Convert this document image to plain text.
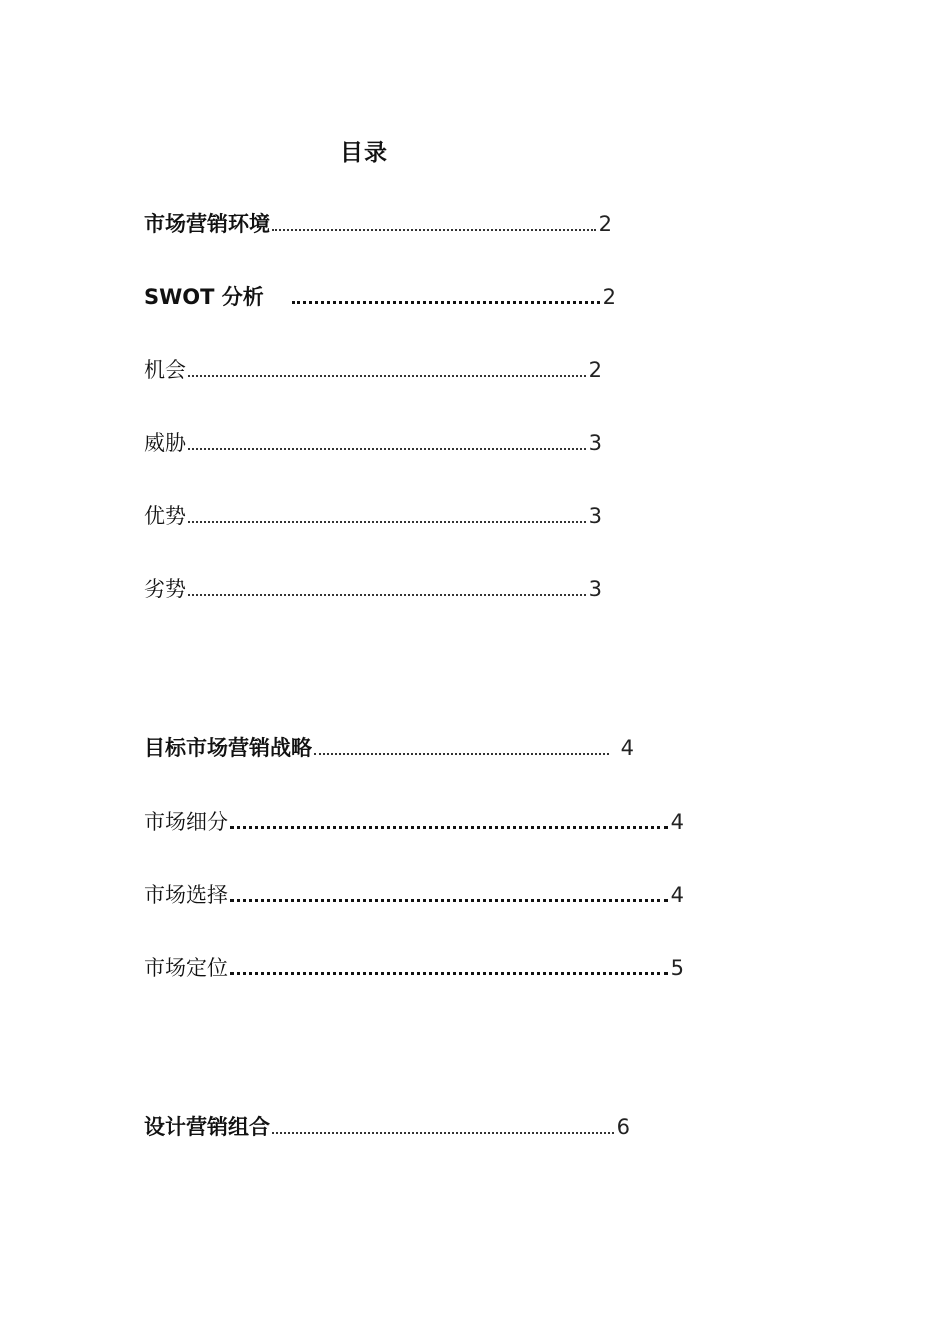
目录
市场营销环境	2
SWOT 分析	2
机会	2
威胁	3
优势	3
劣势	3
目标市场营销战略	4
市场细分	4
市场选择	4
市场定位	5
设计营销组合	6
